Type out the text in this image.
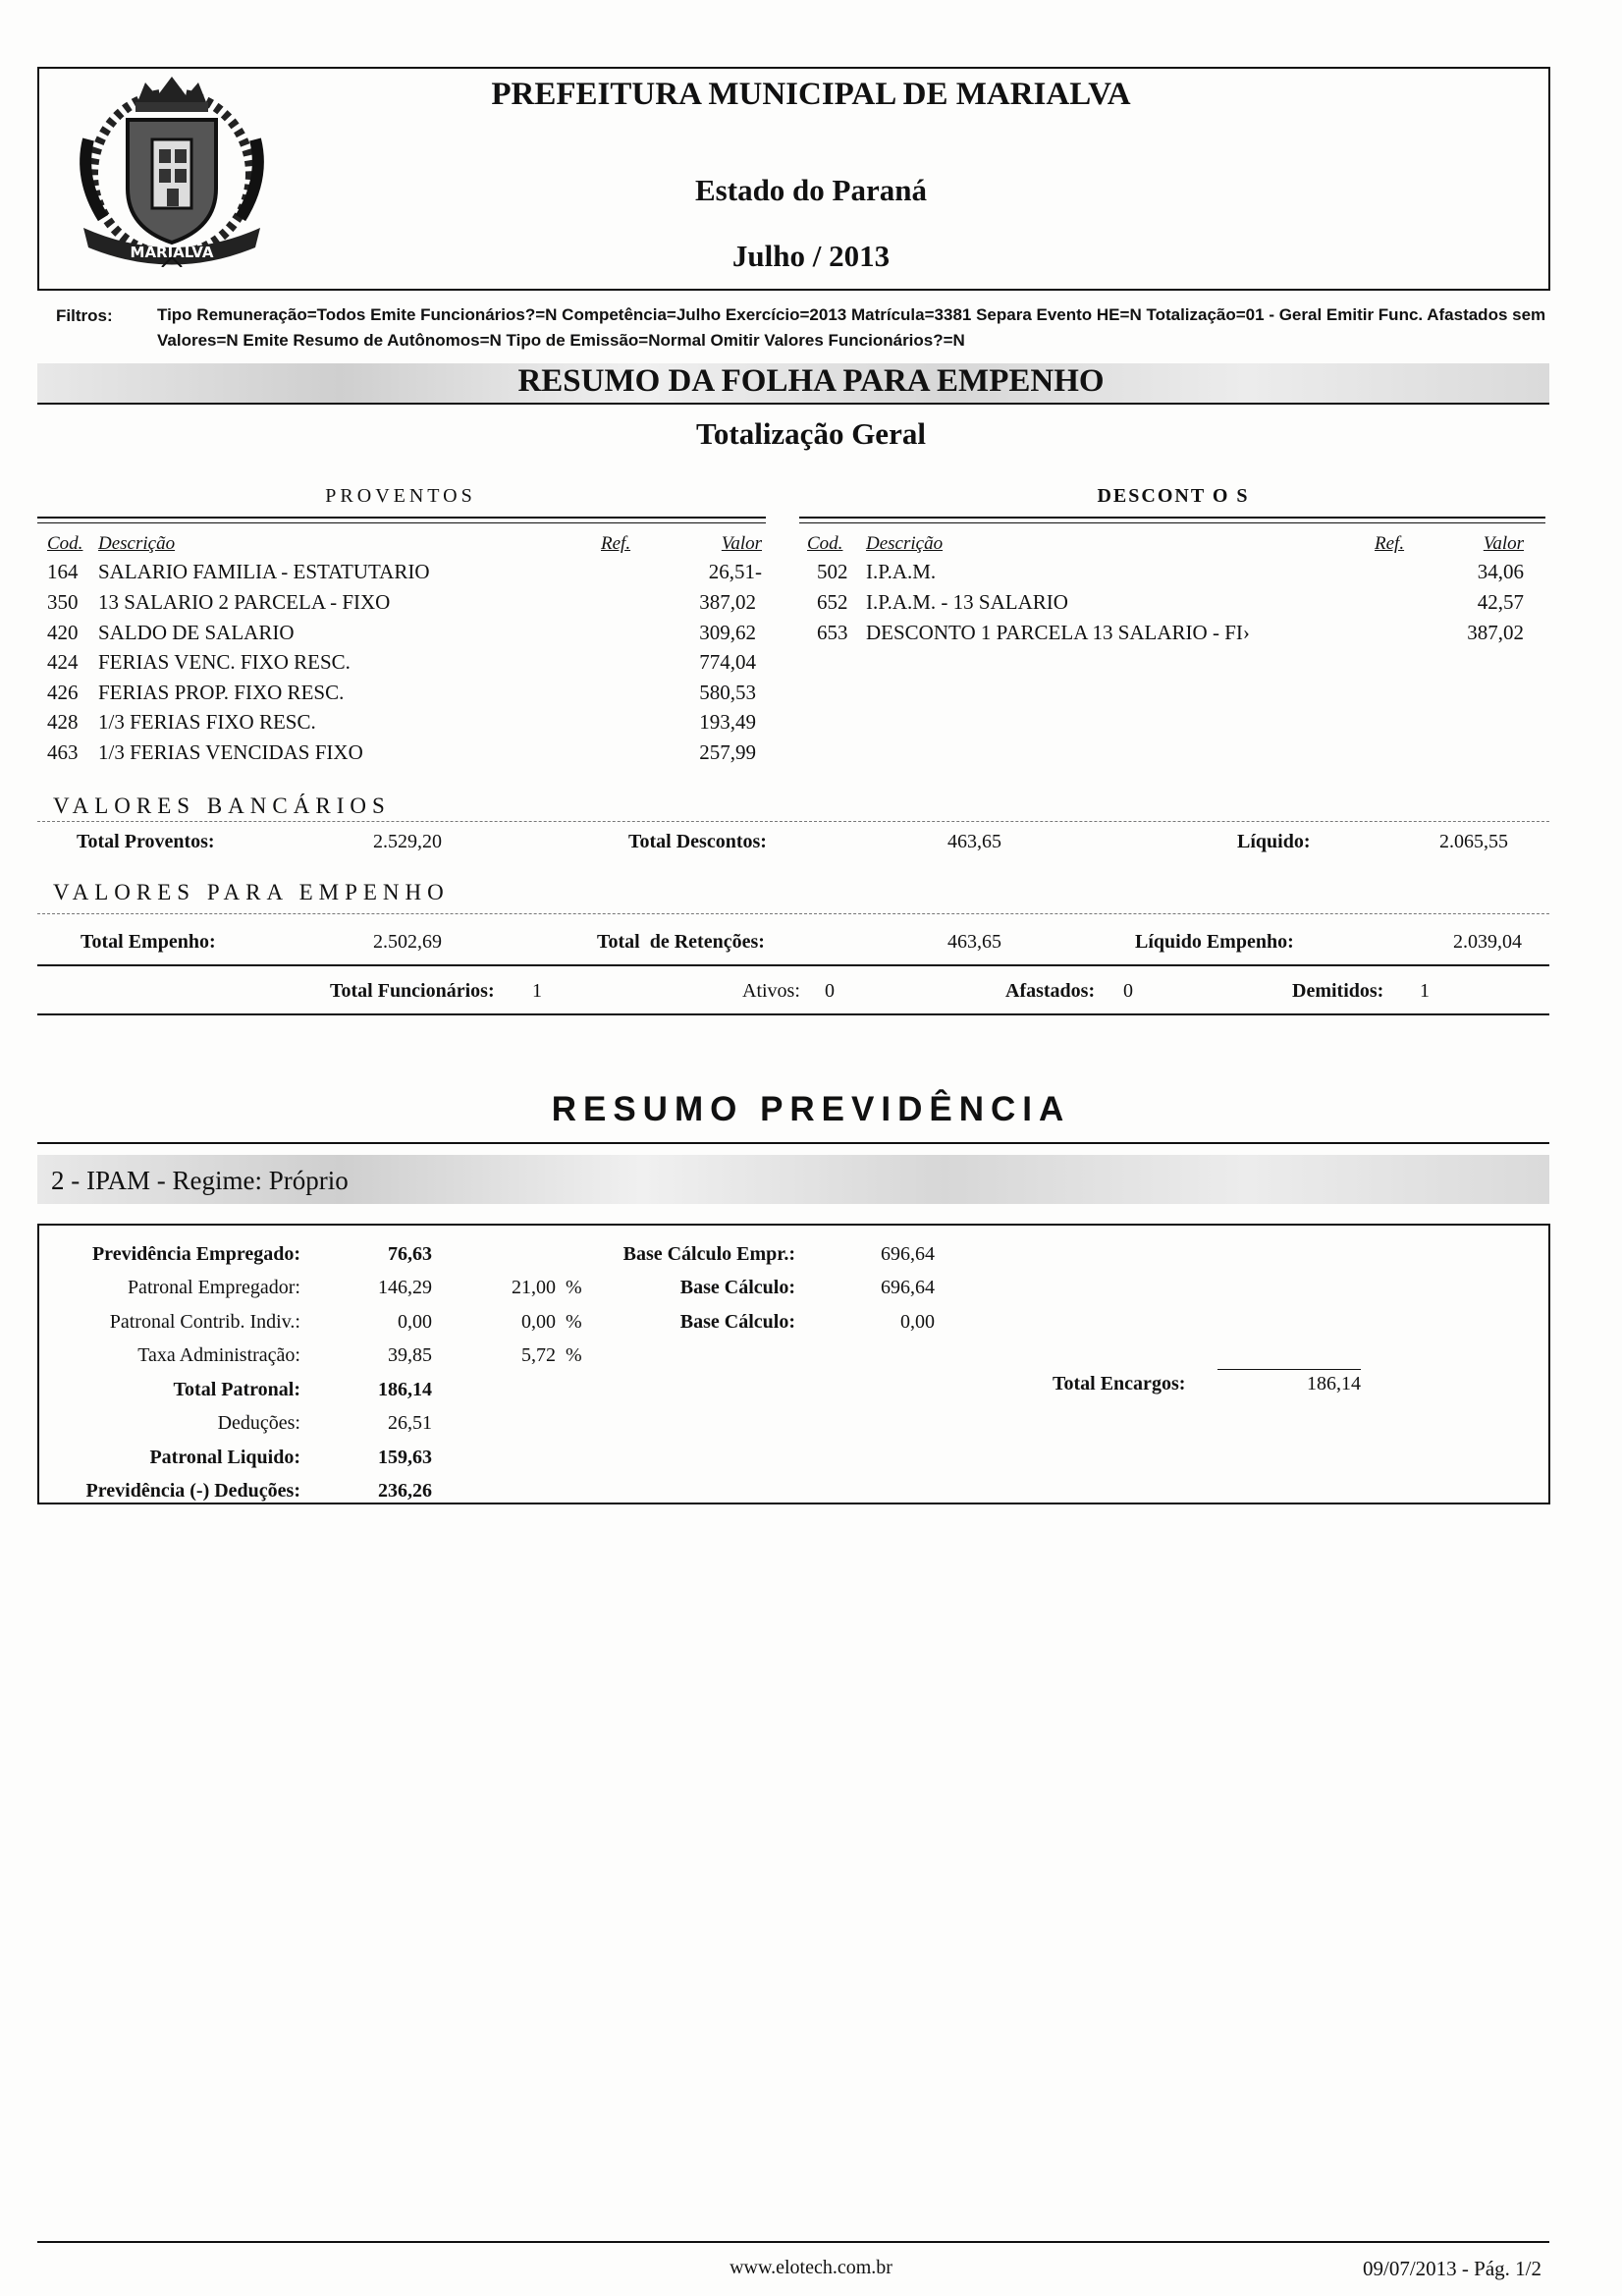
MARIALVA
PREFEITURA MUNICIPAL DE MARIALVA
Estado do Paraná
Julho / 2013
Filtros:	Tipo Remuneração=Todos Emite Funcionários?=N Competência=Julho Exercício=2013 Matrícula=3381 Separa Evento HE=N Totalização=01 - Geral Emitir Func. Afastados sem Valores=N Emite Resumo de Autônomos=N Tipo de Emissão=Normal Omitir Valores Funcionários?=N
RESUMO DA FOLHA PARA EMPENHO
Totalização Geral
PROVENTOS	DESCONT O S
Cod. Descrição	Ref.	Valor Cod. Descrição	Ref.	Valor
164 SALARIO FAMILIA - ESTATUTARIO	26,51-
350 13 SALARIO 2 PARCELA - FIXO	387,02
420 SALDO DE SALARIO	309,62
424 FERIAS VENC. FIXO RESC.	774,04
426 FERIAS PROP. FIXO RESC.	580,53
428 1/3 FERIAS FIXO RESC.	193,49
463 1/3 FERIAS VENCIDAS FIXO	257,99
502 I.P.A.M.	34,06
652 I.P.A.M. - 13 SALARIO	42,57
653 DESCONTO 1 PARCELA 13 SALARIO - FI›	387,02
VALORES BANCÁRIOS
Total Proventos:	2.529,20	Total Descontos:	463,65	Líquido:	2.065,55
VALORES PARA EMPENHO
Total Empenho:	2.502,69	Total  de Retenções:	463,65	Líquido Empenho:	2.039,04
Total Funcionários: 1	Ativos: 0	Afastados: 0	Demitidos: 1
RESUMO PREVIDÊNCIA
2 - IPAM - Regime: Próprio
Previdência Empregado:	76,63
Patronal Empregador:	146,29	21,00 %
Patronal Contrib. Indiv.:	0,00	0,00 %
Taxa Administração:	39,85	5,72 %
Total Patronal:	186,14
Deduções:	26,51
Patronal Liquido:	159,63
Previdência (-) Deduções:	236,26
Base Cálculo Empr.:	696,64
Base Cálculo:	696,64
Base Cálculo:	0,00
Total Encargos:	186,14
www.elotech.com.br	09/07/2013 - Pág. 1/2
